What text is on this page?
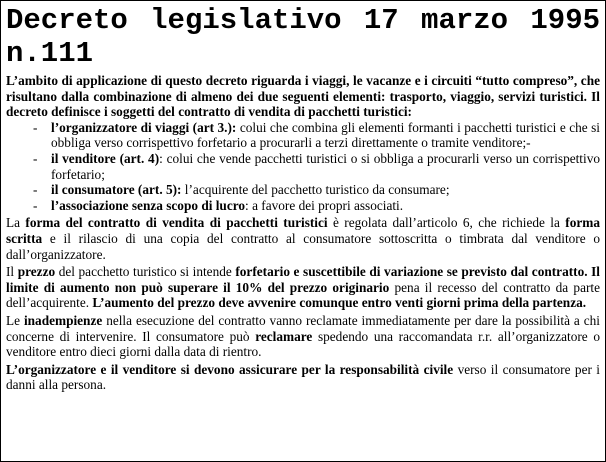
Decreto legislativo 17 marzo 1995 n.111

L’ambito di applicazione di questo decreto riguarda i viaggi, le vacanze e i circuiti “tutto compreso”, che risultano dalla combinazione di almeno dei due seguenti elementi: trasporto, viaggio, servizi turistici. Il decreto definisce i soggetti del contratto di vendita di pacchetti turistici:

- l’organizzatore di viaggi (art 3.): colui che combina gli elementi formanti i pacchetti turistici e che si obbliga verso corrispettivo forfetario a procurarli a terzi direttamente o tramite venditore;-
- il venditore (art. 4): colui che vende pacchetti turistici o si obbliga a procurarli verso un corrispettivo forfetario;
- il consumatore (art. 5): l’acquirente del pacchetto turistico da consumare;
- l’associazione senza scopo di lucro: a favore dei propri associati.

La forma del contratto di vendita di pacchetti turistici è regolata dall’articolo 6, che richiede la forma scritta e il rilascio di una copia del contratto al consumatore sottoscritta o timbrata dal venditore o dall’organizzatore.

Il prezzo del pacchetto turistico si intende forfetario e suscettibile di variazione se previsto dal contratto. Il limite di aumento non può superare il 10% del prezzo originario pena il recesso del contratto da parte dell’acquirente. L’aumento del prezzo deve avvenire comunque entro venti giorni prima della partenza.

Le inadempienze nella esecuzione del contratto vanno reclamate immediatamente per dare la possibilità a chi concerne di intervenire. Il consumatore può reclamare spedendo una raccomandata r.r. all’organizzatore o venditore entro dieci giorni dalla data di rientro.

L’organizzatore e il venditore si devono assicurare per la responsabilità civile verso il consumatore per i danni alla persona.
